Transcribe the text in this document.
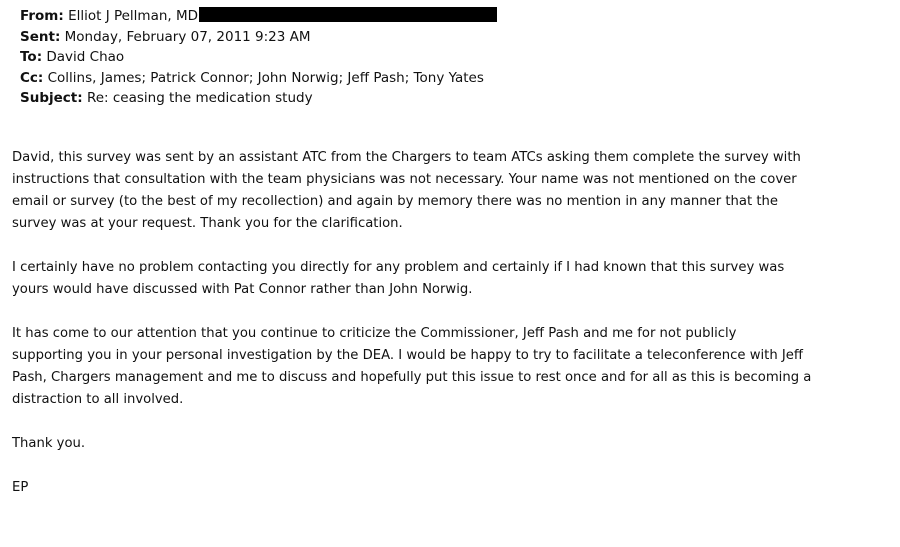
From: Elliot J Pellman, MD
Sent: Monday, February 07, 2011 9:23 AM
To: David Chao
Cc: Collins, James; Patrick Connor; John Norwig; Jeff Pash; Tony Yates
Subject: Re: ceasing the medication study

David, this survey was sent by an assistant ATC from the Chargers to team ATCs asking them complete the survey with
instructions that consultation with the team physicians was not necessary. Your name was not mentioned on the cover
email or survey (to the best of my recollection) and again by memory there was no mention in any manner that the
survey was at your request. Thank you for the clarification.

I certainly have no problem contacting you directly for any problem and certainly if I had known that this survey was
yours would have discussed with Pat Connor rather than John Norwig.

It has come to our attention that you continue to criticize the Commissioner, Jeff Pash and me for not publicly
supporting you in your personal investigation by the DEA. I would be happy to try to facilitate a teleconference with Jeff
Pash, Chargers management and me to discuss and hopefully put this issue to rest once and for all as this is becoming a
distraction to all involved.

Thank you.

EP
